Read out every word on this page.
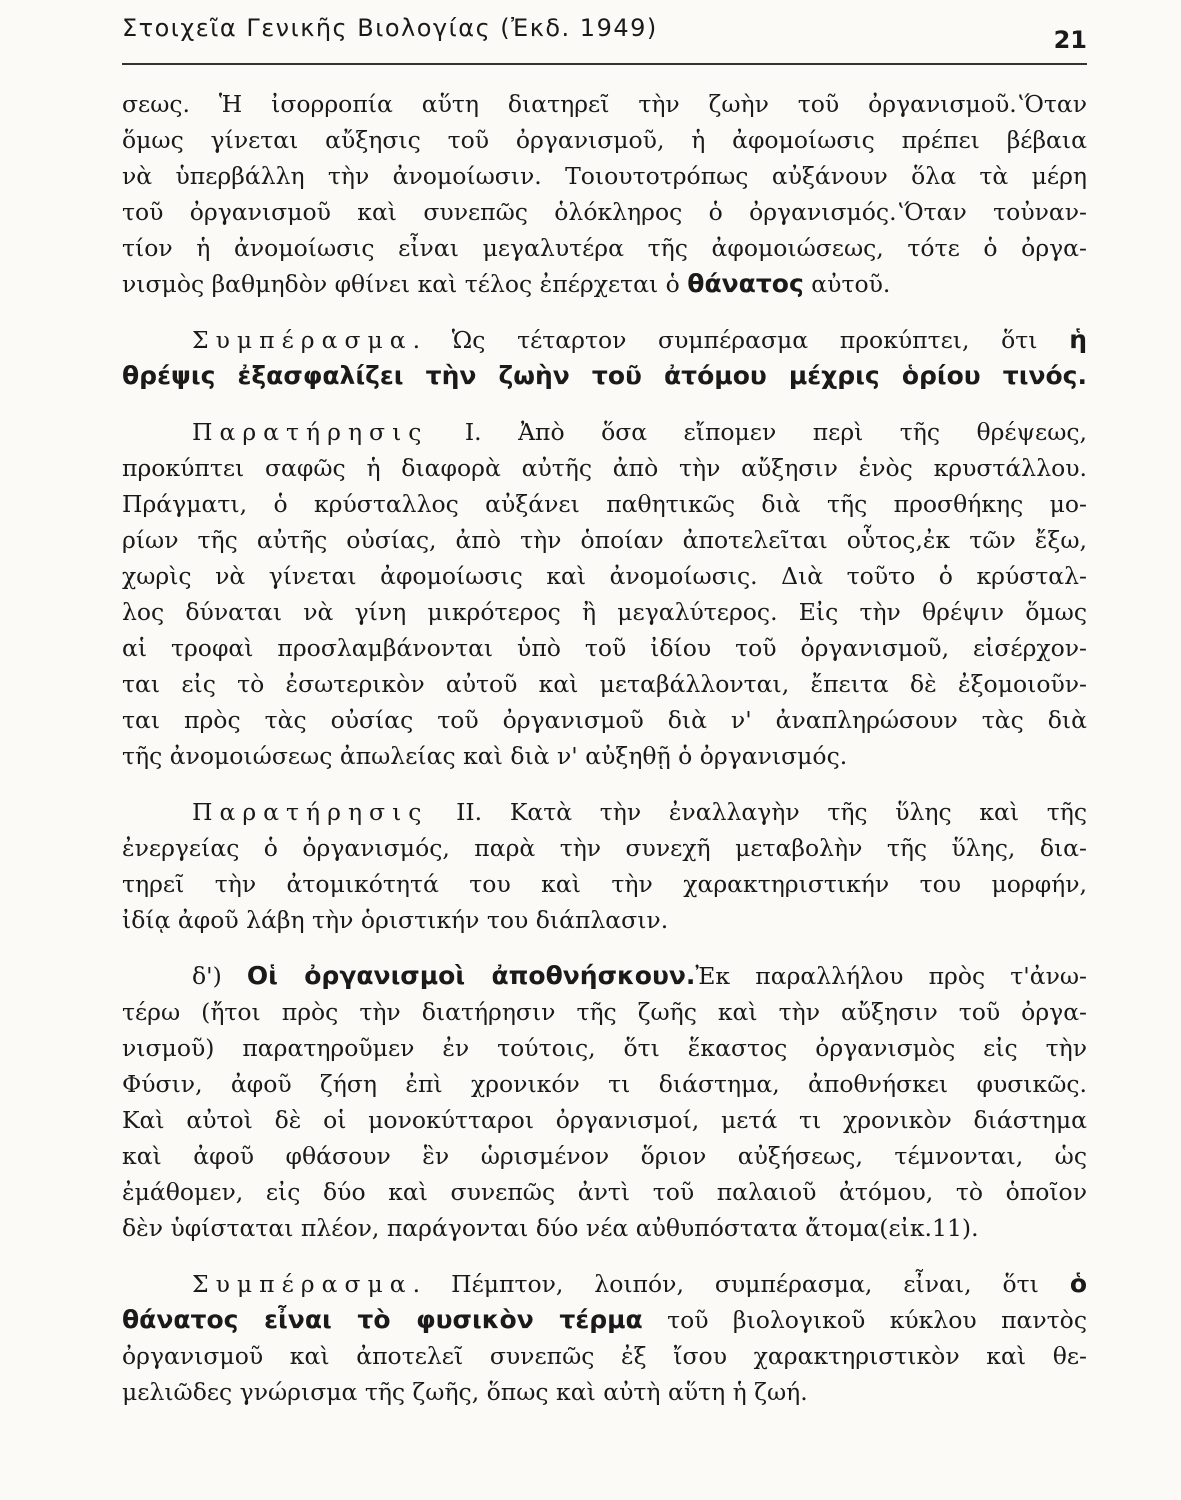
Στοιχεῖα Γενικῆς Βιολογίας (Ἐκδ. 1949)	21
σεως. Ἡ ἰσορροπία αὕτη διατηρεῖ τὴν ζωὴν τοῦ ὀργανισμοῦ.ʽΌταν
ὅμως γίνεται αὔξησις τοῦ ὀργανισμοῦ, ἡ ἀφομοίωσις πρέπει βέβαια
νὰ ὑπερβάλλη τὴν ἀνομοίωσιν. Τοιουτοτρόπως αὐξάνουν ὅλα τὰ μέρη
τοῦ ὀργανισμοῦ καὶ συνεπῶς ὁλόκληρος ὁ ὀργανισμός.ʽΌταν τοὐναν-
τίον ἡ ἀνομοίωσις εἶναι μεγαλυτέρα τῆς ἀφομοιώσεως, τότε ὁ ὀργα-
νισμὸς βαθμηδὸν φθίνει καὶ τέλος ἐπέρχεται ὁ θάνατος αὐτοῦ.
Συμπέρασμα. Ὡς τέταρτον συμπέρασμα προκύπτει, ὅτι ἡ
θρέψις ἐξασφαλίζει τὴν ζωὴν τοῦ ἀτόμου μέχρις ὁρίου τινός.
Παρατήρησις I. Ἀπὸ ὅσα εἴπομεν περὶ τῆς θρέψεως,
προκύπτει σαφῶς ἡ διαφορὰ αὐτῆς ἀπὸ τὴν αὔξησιν ἑνὸς κρυστάλλου.
Πράγματι, ὁ κρύσταλλος αὐξάνει παθητικῶς διὰ τῆς προσθήκης μο-
ρίων τῆς αὐτῆς οὐσίας, ἀπὸ τὴν ὁποίαν ἀποτελεῖται οὗτος,ἐκ τῶν ἔξω,
χωρὶς νὰ γίνεται ἀφομοίωσις καὶ ἀνομοίωσις. Διὰ τοῦτο ὁ κρύσταλ-
λος δύναται νὰ γίνη μικρότερος ἢ μεγαλύτερος. Εἰς τὴν θρέψιν ὅμως
αἱ τροφαὶ προσλαμβάνονται ὑπὸ τοῦ ἰδίου τοῦ ὀργανισμοῦ, εἰσέρχον-
ται εἰς τὸ ἐσωτερικὸν αὐτοῦ καὶ μεταβάλλονται, ἔπειτα δὲ ἐξομοιοῦν-
ται πρὸς τὰς οὐσίας τοῦ ὀργανισμοῦ διὰ ν' ἀναπληρώσουν τὰς διὰ
τῆς ἀνομοιώσεως ἀπωλείας καὶ διὰ ν' αὐξηθῇ ὁ ὀργανισμός.
Παρατήρησις II. Κατὰ τὴν ἐναλλαγὴν τῆς ὕλης καὶ τῆς
ἐνεργείας ὁ ὀργανισμός, παρὰ τὴν συνεχῆ μεταβολὴν τῆς ὕλης, δια-
τηρεῖ τὴν ἀτομικότητά του καὶ τὴν χαρακτηριστικήν του μορφήν,
ἰδίᾳ ἀφοῦ λάβη τὴν ὁριστικήν του διάπλασιν.
δ') Οἱ ὀργανισμοὶ ἀποθνήσκουν.Ἐκ παραλλήλου πρὸς τ'ἀνω-
τέρω (ἤτοι πρὸς τὴν διατήρησιν τῆς ζωῆς καὶ τὴν αὔξησιν τοῦ ὀργα-
νισμοῦ) παρατηροῦμεν ἐν τούτοις, ὅτι ἕκαστος ὀργανισμὸς εἰς τὴν
Φύσιν, ἀφοῦ ζήση ἐπὶ χρονικόν τι διάστημα, ἀποθνήσκει φυσικῶς.
Καὶ αὐτοὶ δὲ οἱ μονοκύτταροι ὀργανισμοί, μετά τι χρονικὸν διάστημα
καὶ ἀφοῦ φθάσουν ἓν ὡρισμένον ὅριον αὐξήσεως, τέμνονται, ὡς
ἐμάθομεν, εἰς δύο καὶ συνεπῶς ἀντὶ τοῦ παλαιοῦ ἀτόμου, τὸ ὁποῖον
δὲν ὑφίσταται πλέον, παράγονται δύο νέα αὐθυπόστατα ἄτομα(εἰκ.11).
Συμπέρασμα. Πέμπτον, λοιπόν, συμπέρασμα, εἶναι, ὅτι ὁ
θάνατος εἶναι τὸ φυσικὸν τέρμα τοῦ βιολογικοῦ κύκλου παντὸς
ὀργανισμοῦ καὶ ἀποτελεῖ συνεπῶς ἐξ ἴσου χαρακτηριστικὸν καὶ θε-
μελιῶδες γνώρισμα τῆς ζωῆς, ὅπως καὶ αὐτὴ αὕτη ἡ ζωή.
